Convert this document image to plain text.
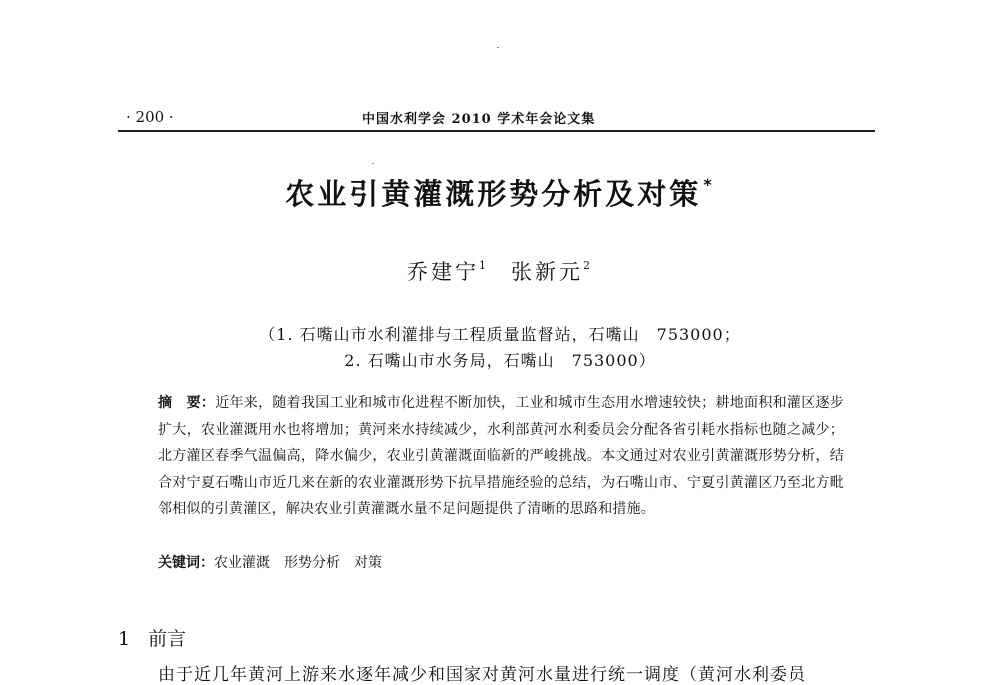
· 200 ·	中国水利学会 2010 学术年会论文集
农业引黄灌溉形势分析及对策 *
乔建宁$^1$ 张新元$^2$
（1. 石嘴山市水利灌排与工程质量监督站，石嘴山　753000；
2. 石嘴山市水务局，石嘴山　753000）
摘　要：近年来，随着我国工业和城市化进程不断加快，工业和城市生态用水增速较快；耕地面积和灌区逐步扩大，农业灌溉用水也将增加；黄河来水持续减少，水利部黄河水利委员会分配各省引耗水指标也随之减少；北方灌区春季气温偏高，降水偏少，农业引黄灌溉面临新的严峻挑战。本文通过对农业引黄灌溉形势分析，结合对宁夏石嘴山市近几来在新的农业灌溉形势下抗旱措施经验的总结，为石嘴山市、宁夏引黄灌区乃至北方毗邻相似的引黄灌区，解决农业引黄灌溉水量不足问题提供了清晰的思路和措施。
关键词：农业灌溉 形势分析 对策
1 前言
由于近几年黄河上游来水逐年减少和国家对黄河水量进行统一调度（黄河水利委员
